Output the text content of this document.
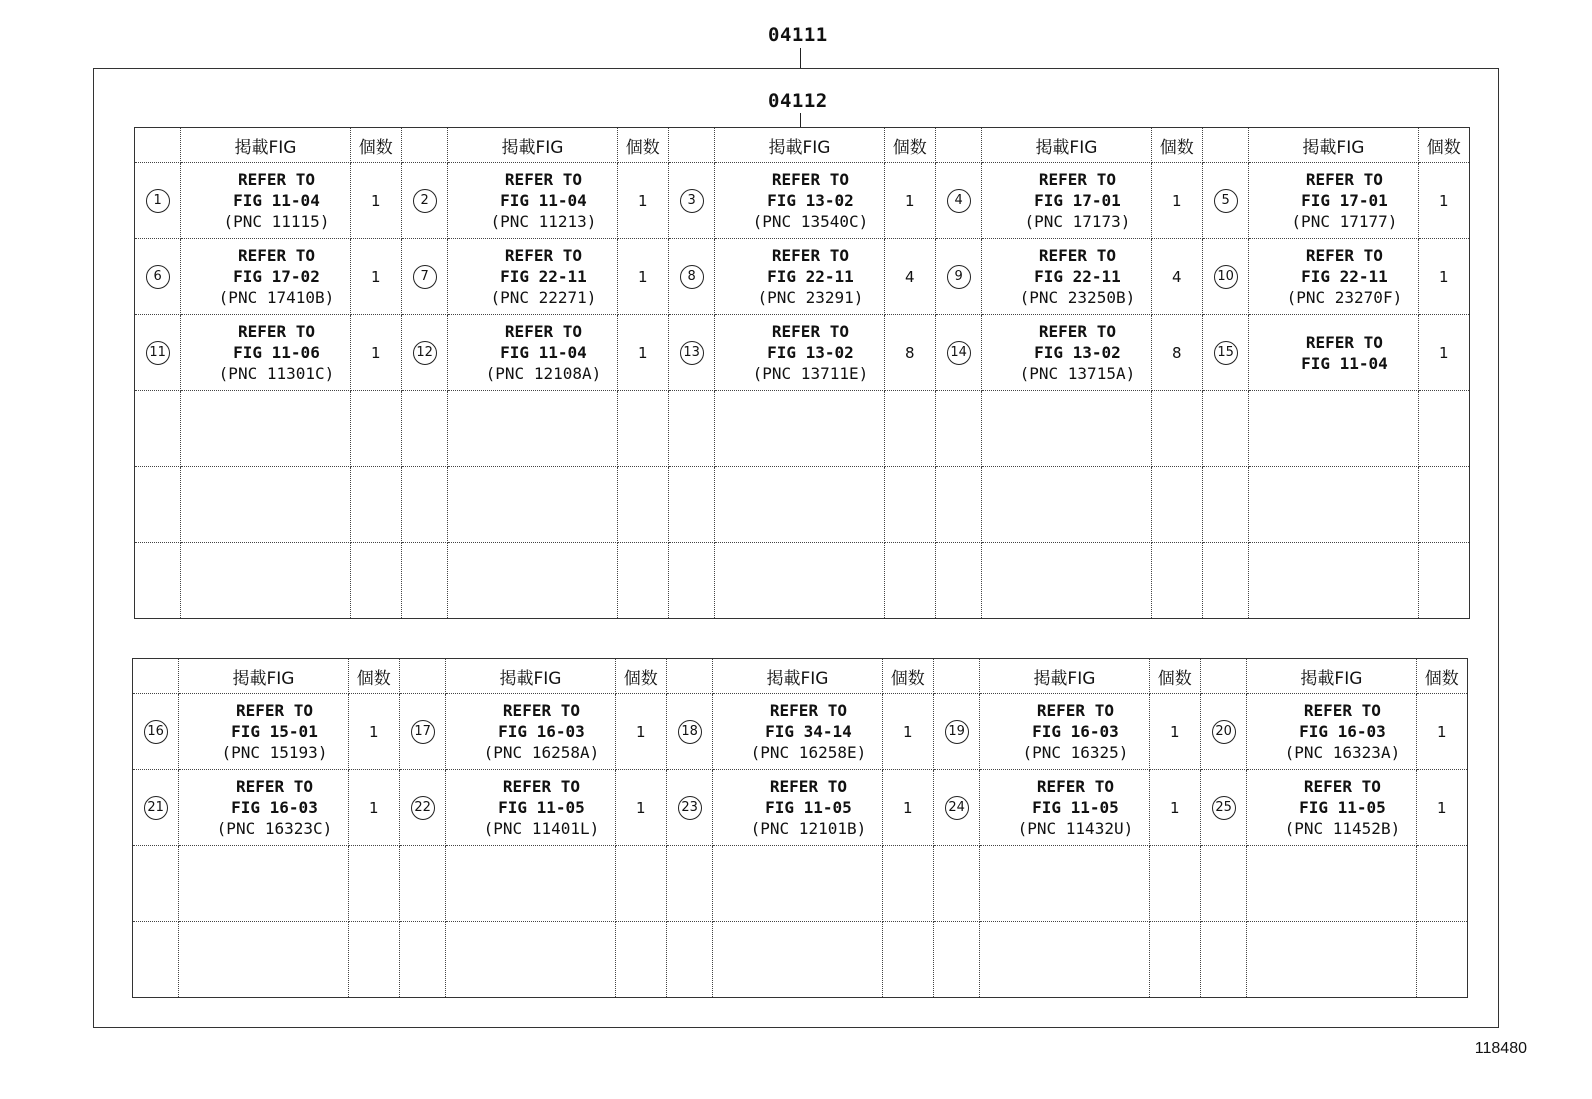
04111
04112
	掲載FIG	個数		掲載FIG	個数		掲載FIG	個数		掲載FIG	個数		掲載FIG	個数
1	REFER TO
FIG 11-04
(PNC 11115)	1	2	REFER TO
FIG 11-04
(PNC 11213)	1	3	REFER TO
FIG 13-02
(PNC 13540C)	1	4	REFER TO
FIG 17-01
(PNC 17173)	1	5	REFER TO
FIG 17-01
(PNC 17177)	1
6	REFER TO
FIG 17-02
(PNC 17410B)	1	7	REFER TO
FIG 22-11
(PNC 22271)	1	8	REFER TO
FIG 22-11
(PNC 23291)	4	9	REFER TO
FIG 22-11
(PNC 23250B)	4	10	REFER TO
FIG 22-11
(PNC 23270F)	1
11	REFER TO
FIG 11-06
(PNC 11301C)	1	12	REFER TO
FIG 11-04
(PNC 12108A)	1	13	REFER TO
FIG 13-02
(PNC 13711E)	8	14	REFER TO
FIG 13-02
(PNC 13715A)	8	15	REFER TO
FIG 11-04	1

	掲載FIG	個数		掲載FIG	個数		掲載FIG	個数		掲載FIG	個数		掲載FIG	個数
16	REFER TO
FIG 15-01
(PNC 15193)	1	17	REFER TO
FIG 16-03
(PNC 16258A)	1	18	REFER TO
FIG 34-14
(PNC 16258E)	1	19	REFER TO
FIG 16-03
(PNC 16325)	1	20	REFER TO
FIG 16-03
(PNC 16323A)	1
21	REFER TO
FIG 16-03
(PNC 16323C)	1	22	REFER TO
FIG 11-05
(PNC 11401L)	1	23	REFER TO
FIG 11-05
(PNC 12101B)	1	24	REFER TO
FIG 11-05
(PNC 11432U)	1	25	REFER TO
FIG 11-05
(PNC 11452B)	1

118480
